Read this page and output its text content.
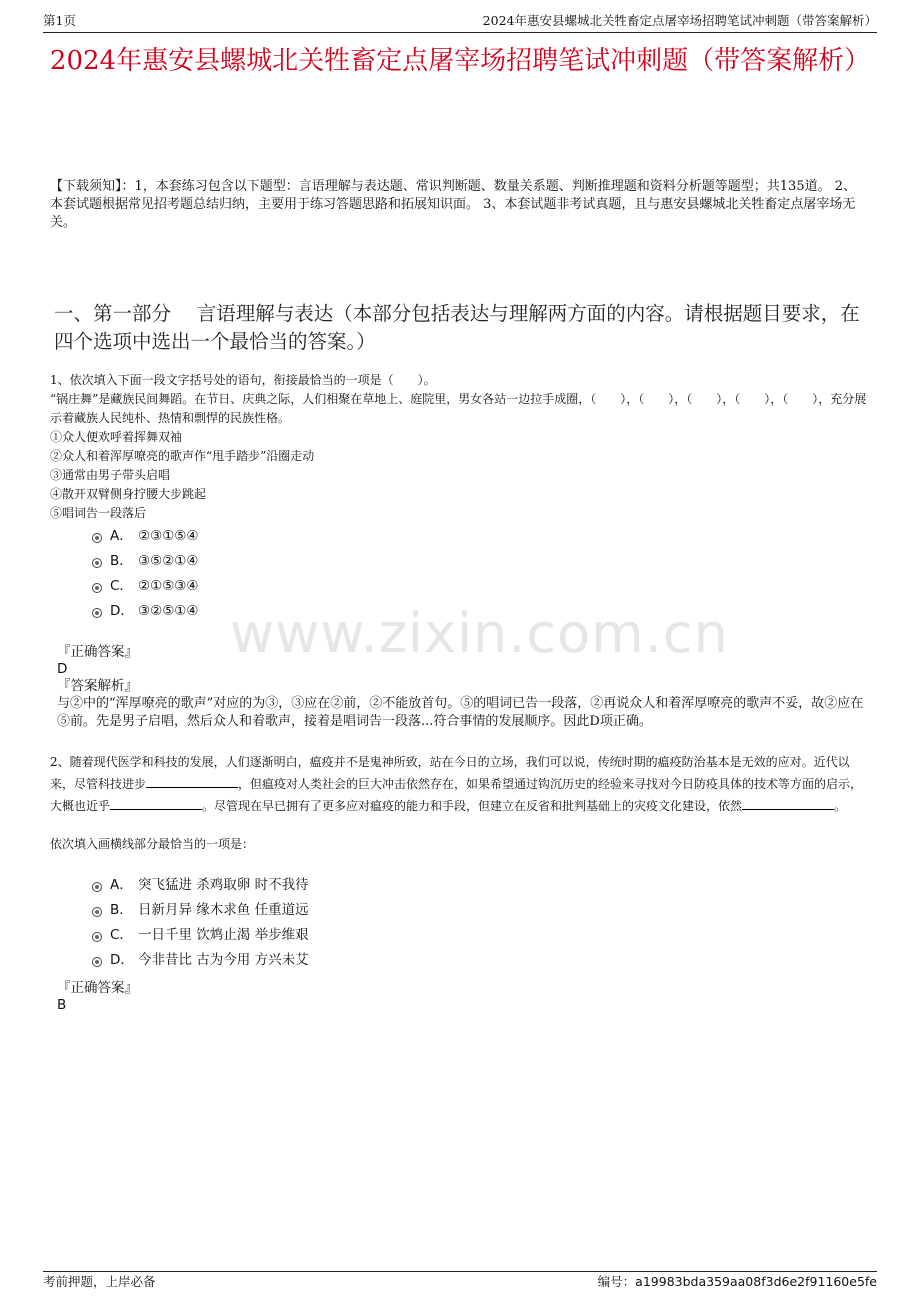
第1页	2024年惠安县螺城北关牲畜定点屠宰场招聘笔试冲刺题（带答案解析）
2024年惠安县螺城北关牲畜定点屠宰场招聘笔试冲刺题（带答案解析）
【下载须知】：1，本套练习包含以下题型：言语理解与表达题、常识判断题、数量关系题、判断推理题和资料分析题等题型；共135道。 2、本套试题根据常见招考题总结归纳，主要用于练习答题思路和拓展知识面。 3、本套试题非考试真题，且与惠安县螺城北关牲畜定点屠宰场无关。
一、第一部分　 言语理解与表达（本部分包括表达与理解两方面的内容。请根据题目要求，在四个选项中选出一个最恰当的答案。）

1、依次填入下面一段文字括号处的语句，衔接最恰当的一项是（　　）。

“锅庄舞”是藏族民间舞蹈。在节日、庆典之际，人们相聚在草地上、庭院里，男女各站一边拉手成圈，（　　），（　　），（　　），（　　），（　　），充分展示着藏族人民纯朴、热情和剽悍的民族性格。

①众人便欢呼着挥舞双袖

②众人和着浑厚嘹亮的歌声作“甩手踏步”沿圈走动

③通常由男子带头启唱

④散开双臂侧身拧腰大步跳起

⑤唱词告一段落后

A． ②③①⑤④
B． ③⑤②①④
C． ②①⑤③④
D． ③②⑤①④ www.zixin.com.cn
『正确答案』
D
『答案解析』
与②中的“浑厚嘹亮的歌声”对应的为③，③应在②前，②不能放首句。⑤的唱词已告一段落，②再说众人和着浑厚嘹亮的歌声不妥，故②应在⑤前。先是男子启唱，然后众人和着歌声，接着是唱词告一段落...符合事情的发展顺序。因此D项正确。

2、随着现代医学和科技的发展，人们逐渐明白，瘟疫并不是鬼神所致，站在今日的立场，我们可以说，传统时期的瘟疫防治基本是无效的应对。近代以来，尽管科技进步	，但瘟疫对人类社会的巨大冲击依然存在，如果希望通过钩沉历史的经验来寻找对今日防疫具体的技术等方面的启示，大概也近乎	。尽管现在早已拥有了更多应对瘟疫的能力和手段，但建立在反省和批判基础上的灾疫文化建设，依然	。

依次填入画横线部分最恰当的一项是：

A． 突飞猛进 杀鸡取卵 时不我待
B． 日新月异 缘木求鱼 任重道远
C． 一日千里 饮鸩止渴 举步维艰
D． 今非昔比 古为今用 方兴未艾
『正确答案』
B
考前押题，上岸必备	编号：a19983bda359aa08f3d6e2f91160e5fe
